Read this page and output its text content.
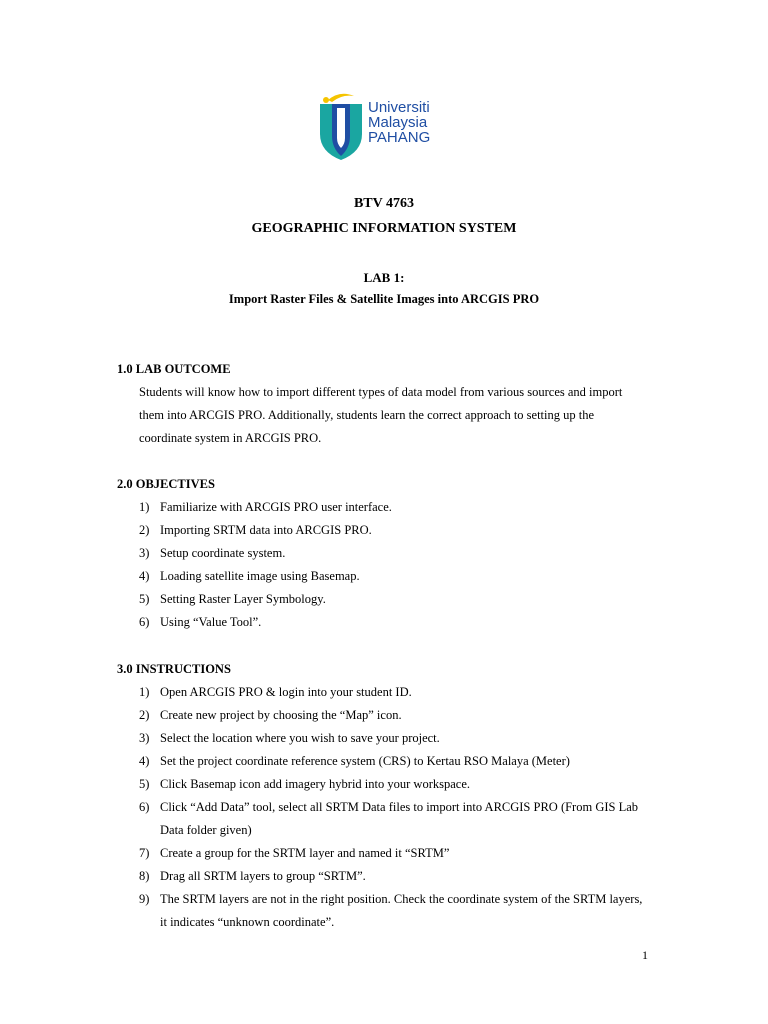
Universiti
Malaysia
PAHANG
BTV 4763
GEOGRAPHIC INFORMATION SYSTEM
LAB 1:
Import Raster Files & Satellite Images into ARCGIS PRO
1.0 LAB OUTCOME
Students will know how to import different types of data model from various sources and import them into ARCGIS PRO. Additionally, students learn the correct approach to setting up the coordinate system in ARCGIS PRO.
2.0 OBJECTIVES
1) Familiarize with ARCGIS PRO user interface.
2) Importing SRTM data into ARCGIS PRO.
3) Setup coordinate system.
4) Loading satellite image using Basemap.
5) Setting Raster Layer Symbology.
6) Using “Value Tool”.
3.0 INSTRUCTIONS
1) Open ARCGIS PRO & login into your student ID.
2) Create new project by choosing the “Map” icon.
3) Select the location where you wish to save your project.
4) Set the project coordinate reference system (CRS) to Kertau RSO Malaya (Meter)
5) Click Basemap icon add imagery hybrid into your workspace.
6) Click “Add Data” tool, select all SRTM Data files to import into ARCGIS PRO (From GIS Lab Data folder given)
7) Create a group for the SRTM layer and named it “SRTM”
8) Drag all SRTM layers to group “SRTM”.
9) The SRTM layers are not in the right position. Check the coordinate system of the SRTM layers, it indicates “unknown coordinate”.
1
